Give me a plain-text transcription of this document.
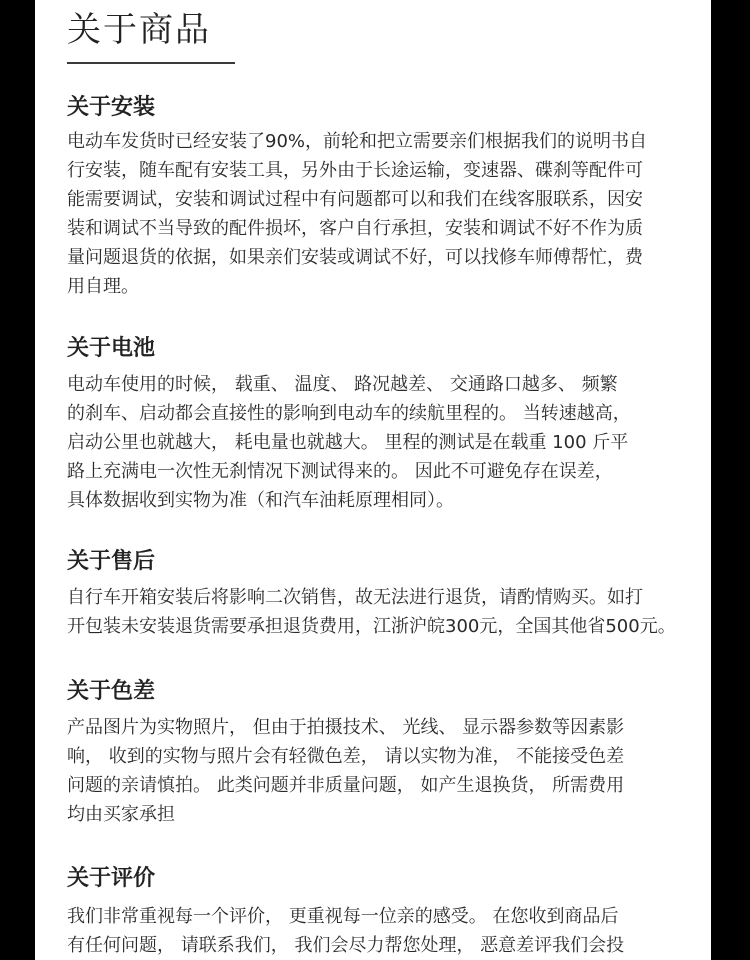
关于商品
关于安装

电动车发货时已经安装了90%，前轮和把立需要亲们根据我们的说明书自
行安装，随车配有安装工具，另外由于长途运输，变速器、碟刹等配件可
能需要调试，安装和调试过程中有问题都可以和我们在线客服联系，因安
装和调试不当导致的配件损坏，客户自行承担，安装和调试不好不作为质
量问题退货的依据，如果亲们安装或调试不好，可以找修车师傅帮忙，费
用自理。

关于电池

电动车使用的时候， 载重、 温度、 路况越差、 交通路口越多、 频繁
的刹车、启动都会直接性的影响到电动车的续航里程的。 当转速越高，
启动公里也就越大， 耗电量也就越大。 里程的测试是在载重 100 斤平
路上充满电一次性无刹情况下测试得来的。 因此不可避免存在误差，
具体数据收到实物为准（和汽车油耗原理相同）。

关于售后

自行车开箱安装后将影响二次销售，故无法进行退货，请酌情购买。如打
开包装未安装退货需要承担退货费用，江浙沪皖300元，全国其他省500元。

关于色差

产品图片为实物照片， 但由于拍摄技术、 光线、 显示器参数等因素影
响， 收到的实物与照片会有轻微色差， 请以实物为准， 不能接受色差
问题的亲请慎拍。 此类问题并非质量问题， 如产生退换货， 所需费用
均由买家承担

关于评价

我们非常重视每一个评价， 更重视每一位亲的感受。 在您收到商品后
有任何问题， 请联系我们， 我们会尽力帮您处理， 恶意差评我们会投
